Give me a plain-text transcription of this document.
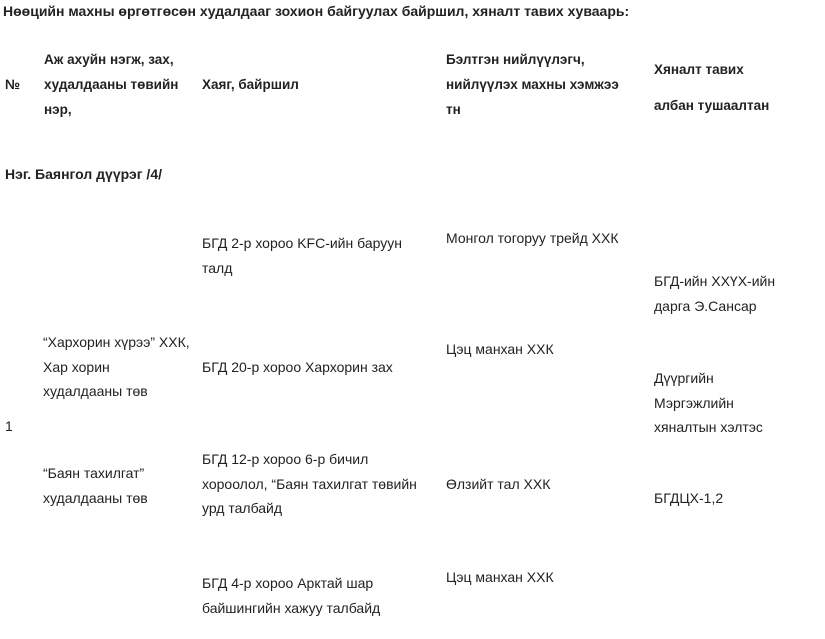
Нөөцийн махны өргөтгөсөн худалдааг зохион байгуулах байршил, хяналт тавих хуваарь:
№
Аж ахуйн нэгж, зах,
худалдааны төвийн
нэр,
Хаяг, байршил
Бэлтгэн нийлүүлэгч,
нийлүүлэх махны хэмжээ
тн
Хяналт тавих
албан тушаалтан
Нэг. Баянгол дүүрэг /4/
1
“Хархорин хүрээ” ХХК,
Хар хорин
худалдааны төв
“Баян тахилгат”
худалдааны төв
БГД 2-р хороо KFC-ийн баруун
талд
БГД 20-р хороо Хархорин зах
БГД 12-р хороо 6-р бичил
хороолол, “Баян тахилгат төвийн
урд талбайд
БГД 4-р хороо Арктай шар
байшингийн хажуу талбайд
Монгол тогоруу трейд ХХК
Цэц манхан ХХК
Өлзийт тал ХХК
Цэц манхан ХХК
БГД-ийн ХХҮХ-ийн
дарга Э.Сансар
Дүүргийн
Мэргэжлийн
хяналтын хэлтэс
БГДЦХ-1,2
